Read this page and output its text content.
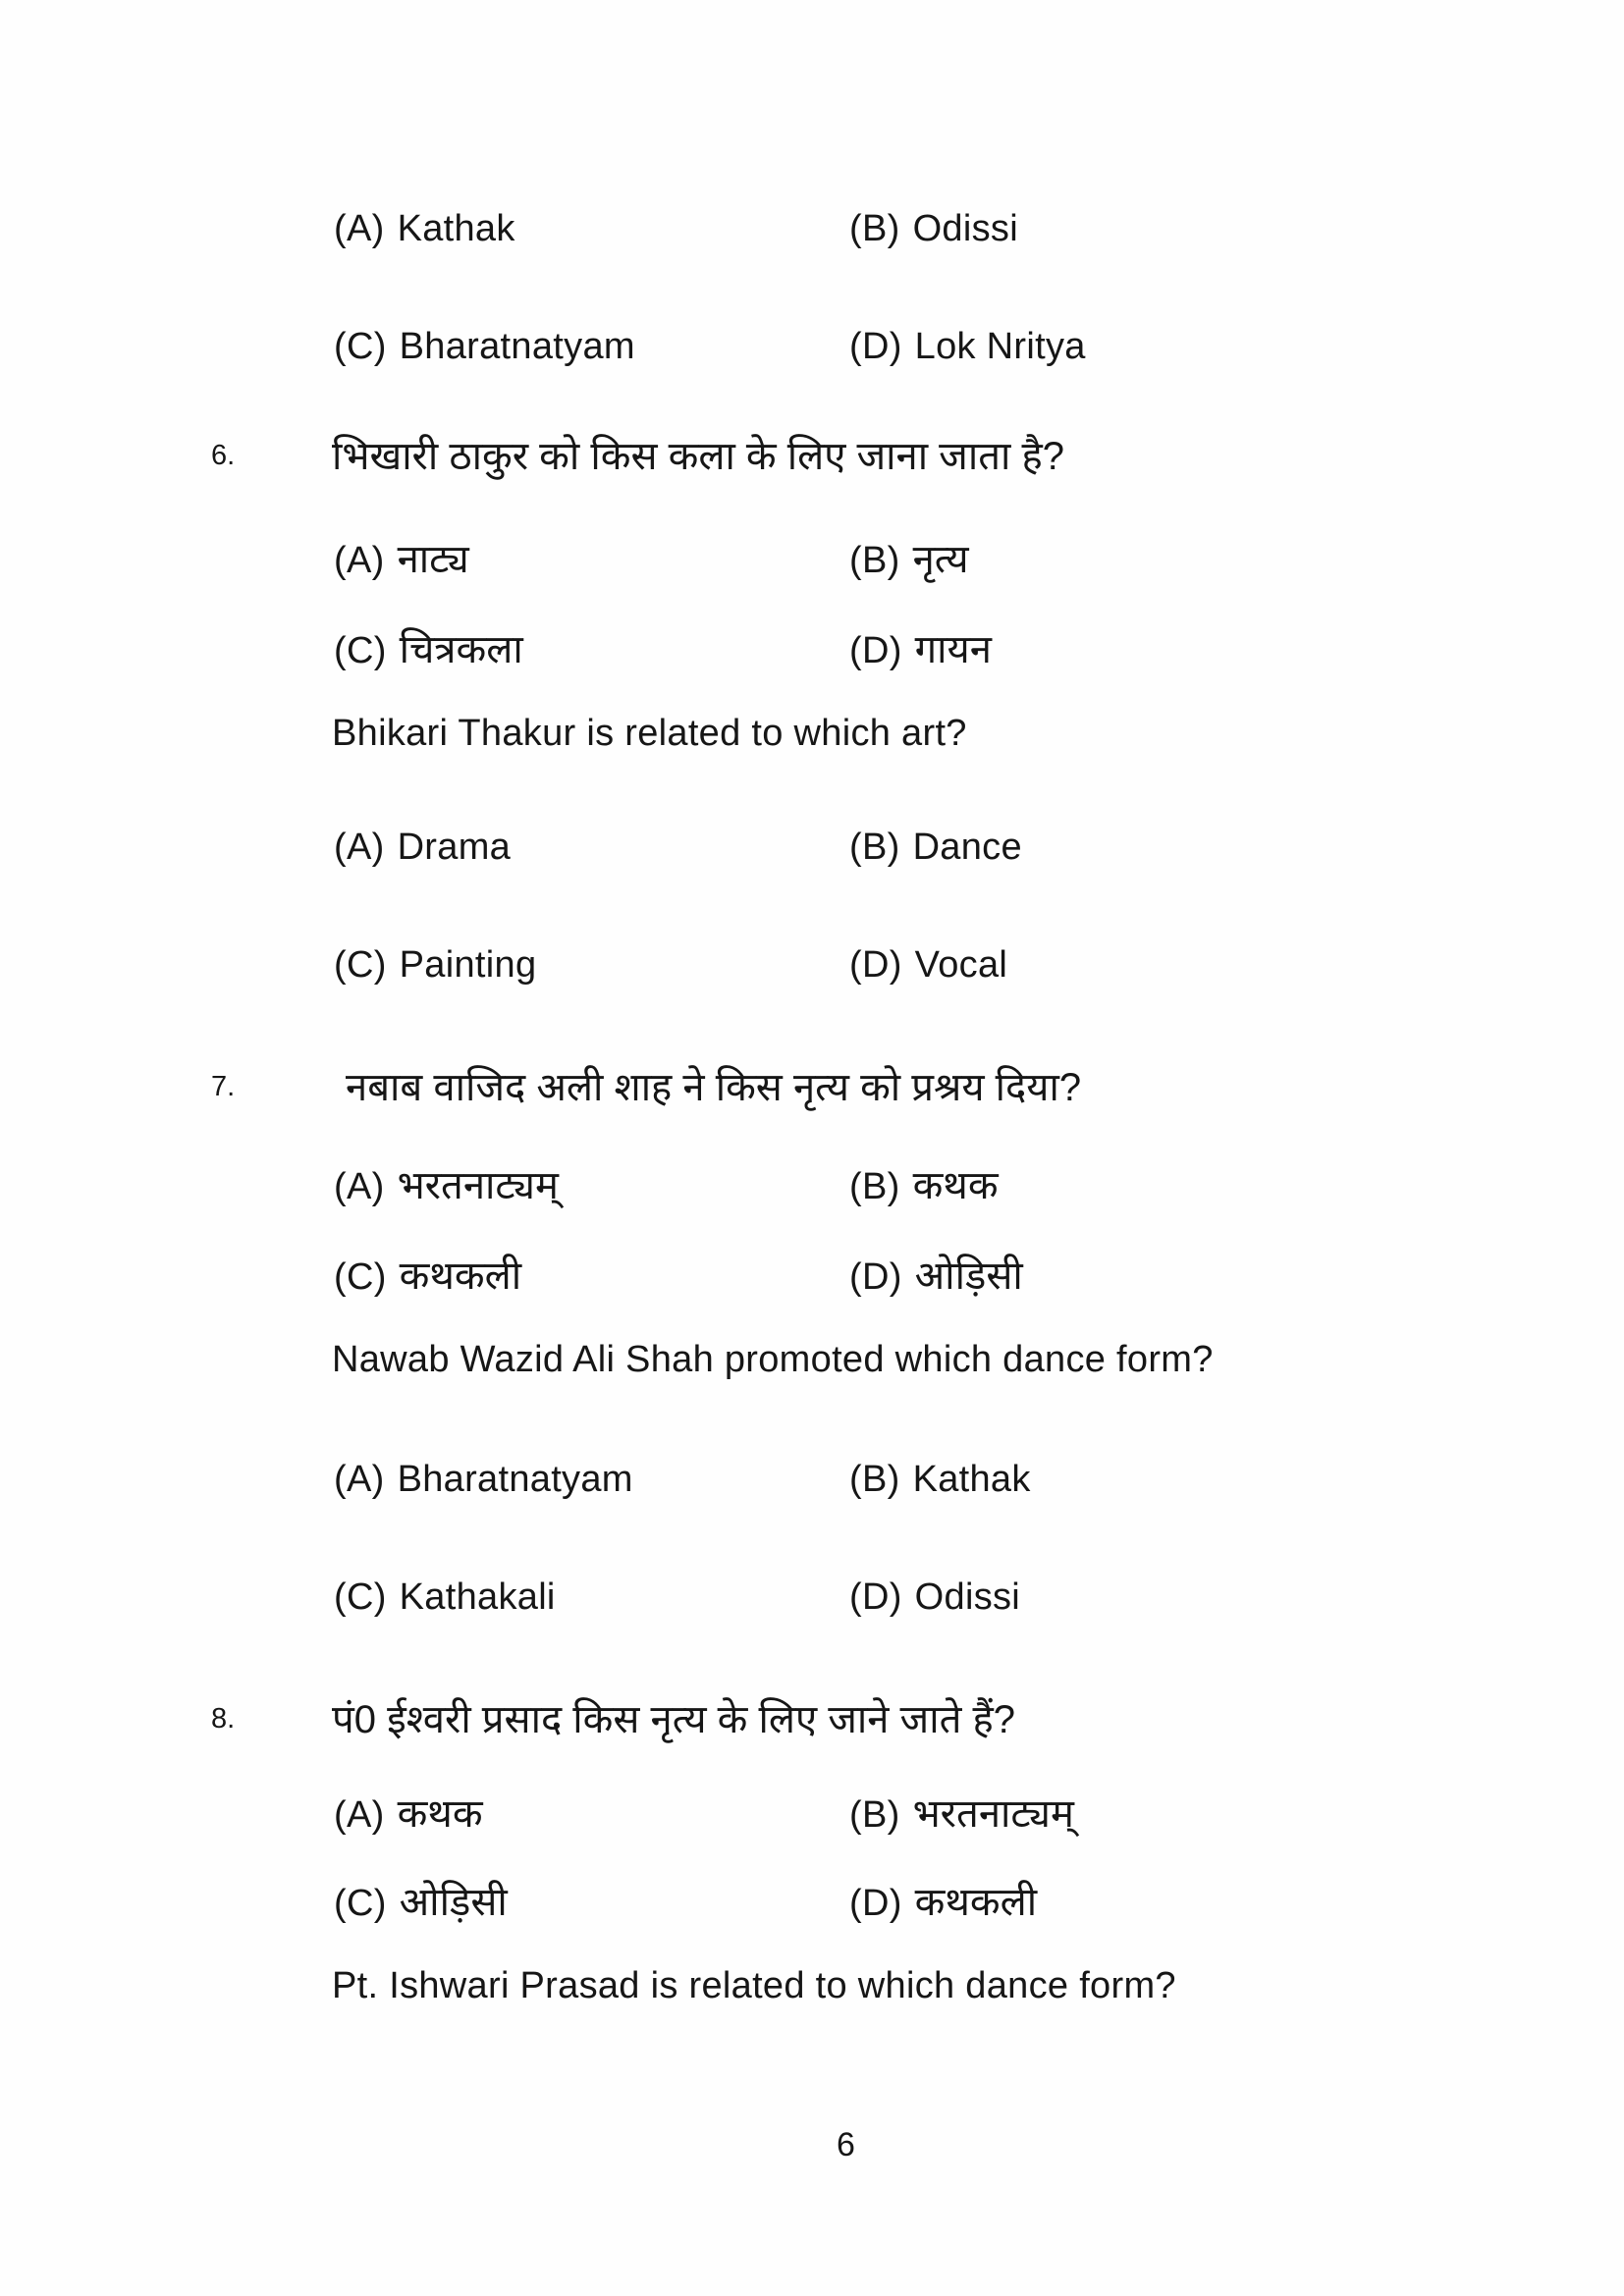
(A) Kathak	(B) Odissi
(C) Bharatnatyam	(D) Lok Nritya
6. भिखारी ठाकुर को किस कला के लिए जाना जाता है?
(A) नाट्य	(B) नृत्य
(C) चित्रकला	(D) गायन
Bhikari Thakur is related to which art?
(A) Drama	(B) Dance
(C) Painting	(D) Vocal
7.	नबाब वाजिद अली शाह ने किस नृत्य को प्रश्रय दिया?
(A) भरतनाट्यम्	(B) कथक
(C) कथकली	(D) ओड़िसी
Nawab Wazid Ali Shah promoted which dance form?
(A) Bharatnatyam	(B) Kathak
(C) Kathakali	(D) Odissi
8. पं0 ईश्वरी प्रसाद किस नृत्य के लिए जाने जाते हैं?
(A) कथक	(B) भरतनाट्यम्
(C) ओड़िसी	(D) कथकली
Pt. Ishwari Prasad is related to which dance form?
6
